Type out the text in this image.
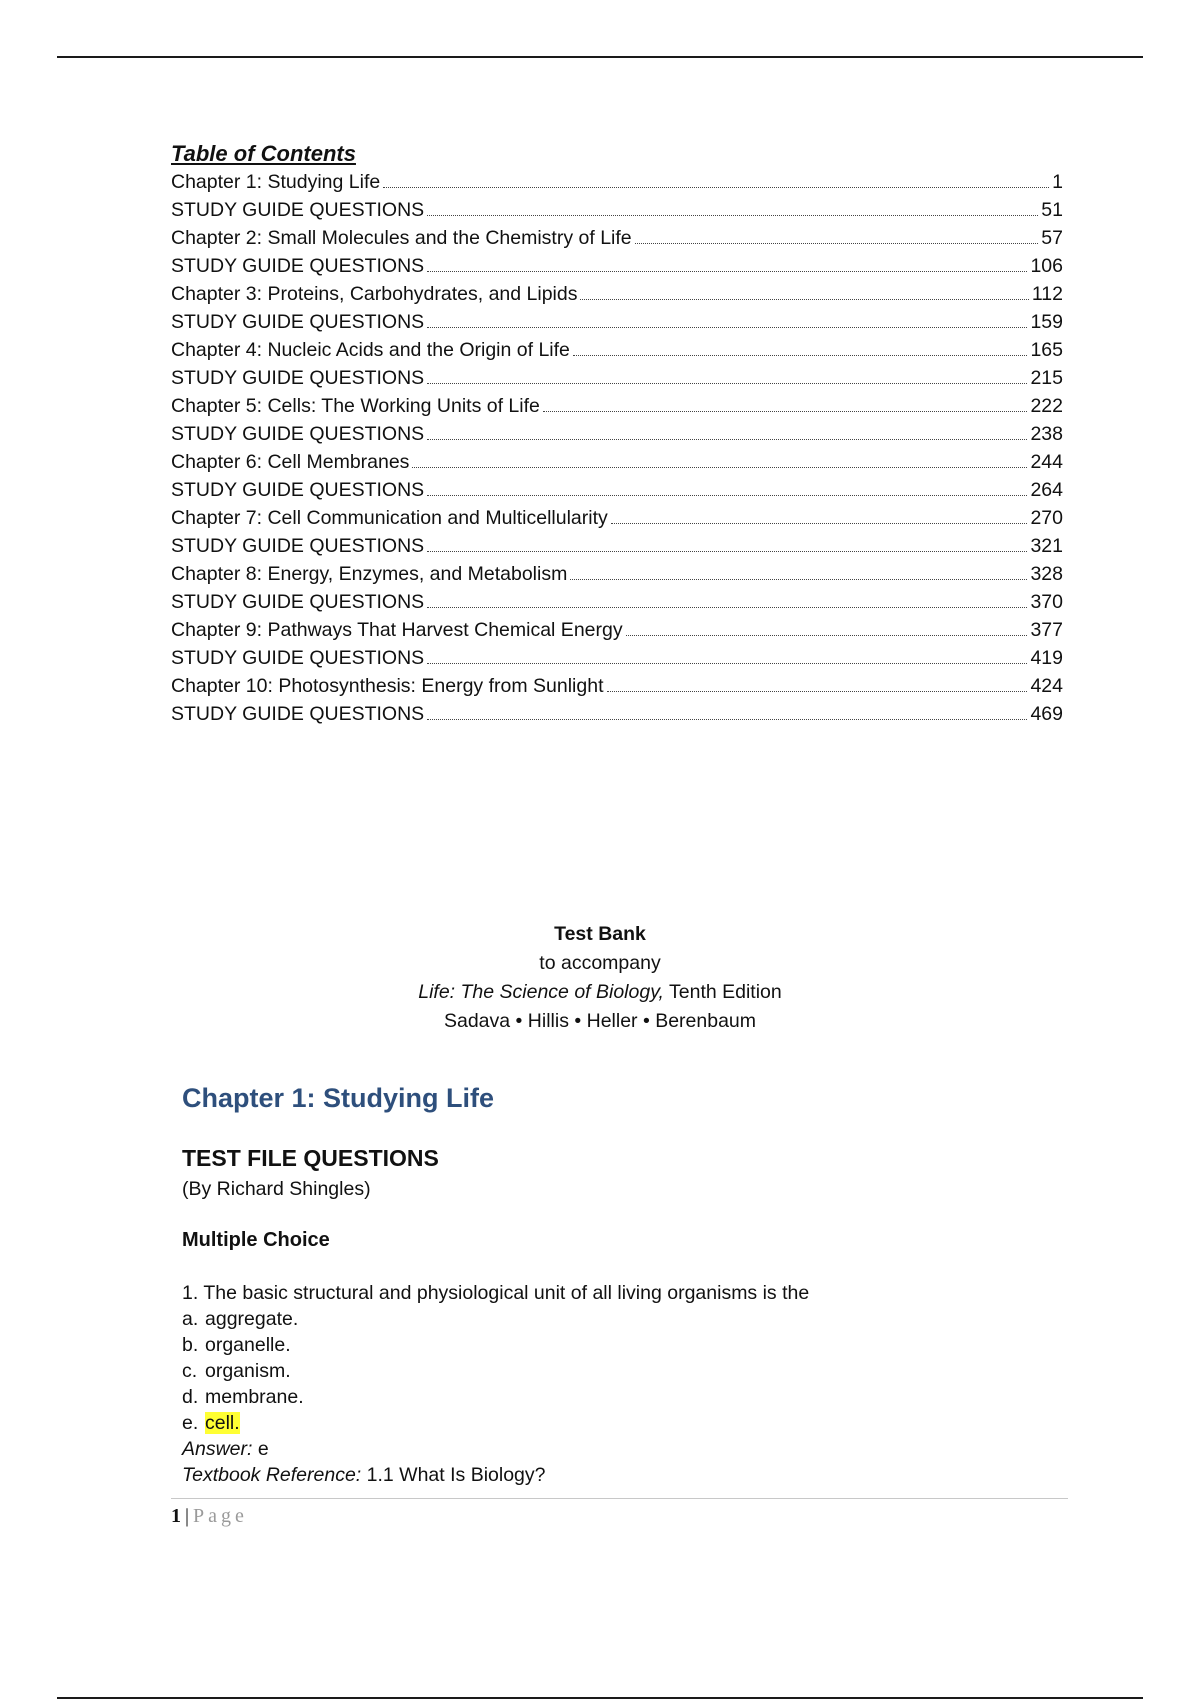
Table of Contents
Chapter 1: Studying Life	1
STUDY GUIDE QUESTIONS	51
Chapter 2: Small Molecules and the Chemistry of Life	57
STUDY GUIDE QUESTIONS	106
Chapter 3: Proteins, Carbohydrates, and Lipids	112
STUDY GUIDE QUESTIONS	159
Chapter 4: Nucleic Acids and the Origin of Life	165
STUDY GUIDE QUESTIONS	215
Chapter 5: Cells: The Working Units of Life	222
STUDY GUIDE QUESTIONS	238
Chapter 6: Cell Membranes	244
STUDY GUIDE QUESTIONS	264
Chapter 7: Cell Communication and Multicellularity	270
STUDY GUIDE QUESTIONS	321
Chapter 8: Energy, Enzymes, and Metabolism	328
STUDY GUIDE QUESTIONS	370
Chapter 9: Pathways That Harvest Chemical Energy	377
STUDY GUIDE QUESTIONS	419
Chapter 10: Photosynthesis: Energy from Sunlight	424
STUDY GUIDE QUESTIONS	469
Test Bank
to accompany
Life: The Science of Biology, Tenth Edition
Sadava • Hillis • Heller • Berenbaum
Chapter 1: Studying Life
TEST FILE QUESTIONS
(By Richard Shingles)
Multiple Choice
1. The basic structural and physiological unit of all living organisms is the
a. aggregate.
b. organelle.
c. organism.
d. membrane.
e. cell.
Answer: e
Textbook Reference: 1.1 What Is Biology?
1 | Page
